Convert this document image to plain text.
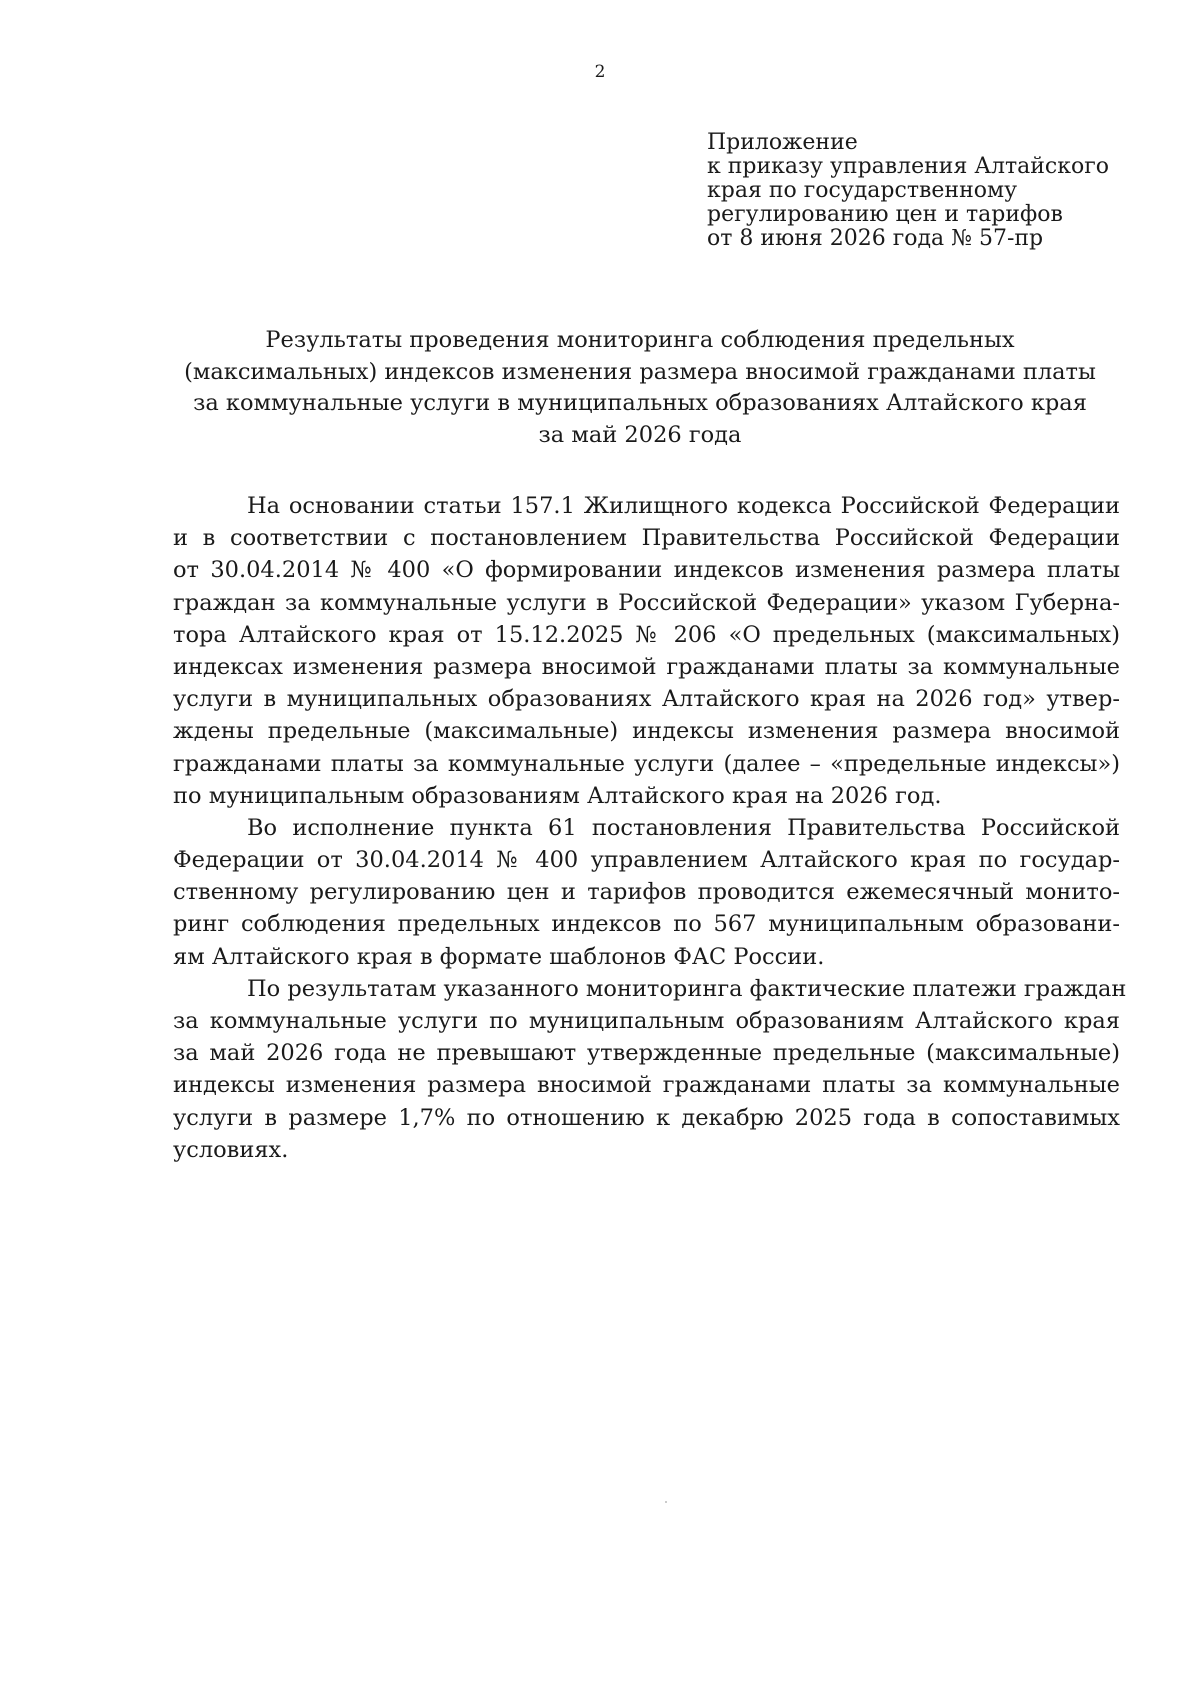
2
Приложение
к приказу управления Алтайского
края по государственному
регулированию цен и тарифов
от 8 июня 2026 года № 57-пр
Результаты проведения мониторинга соблюдения предельных
(максимальных) индексов изменения размера вносимой гражданами платы
за коммунальные услуги в муниципальных образованиях Алтайского края
за май 2026 года
На основании статьи 157.1 Жилищного кодекса Российской Федерации
и в соответствии с постановлением Правительства Российской Федерации
от 30.04.2014 № 400 «О формировании индексов изменения размера платы
граждан за коммунальные услуги в Российской Федерации» указом Губерна-
тора Алтайского края от 15.12.2025 № 206 «О предельных (максимальных)
индексах изменения размера вносимой гражданами платы за коммунальные
услуги в муниципальных образованиях Алтайского края на 2026 год» утвер-
ждены предельные (максимальные) индексы изменения размера вносимой
гражданами платы за коммунальные услуги (далее – «предельные индексы»)
по муниципальным образованиям Алтайского края на 2026 год.
Во исполнение пункта 61 постановления Правительства Российской
Федерации от 30.04.2014 № 400 управлением Алтайского края по государ-
ственному регулированию цен и тарифов проводится ежемесячный монито-
ринг соблюдения предельных индексов по 567 муниципальным образовани-
ям Алтайского края в формате шаблонов ФАС России.
По результатам указанного мониторинга фактические платежи граждан
за коммунальные услуги по муниципальным образованиям Алтайского края
за май 2026 года не превышают утвержденные предельные (максимальные)
индексы изменения размера вносимой гражданами платы за коммунальные
услуги в размере 1,7% по отношению к декабрю 2025 года в сопоставимых
условиях.
